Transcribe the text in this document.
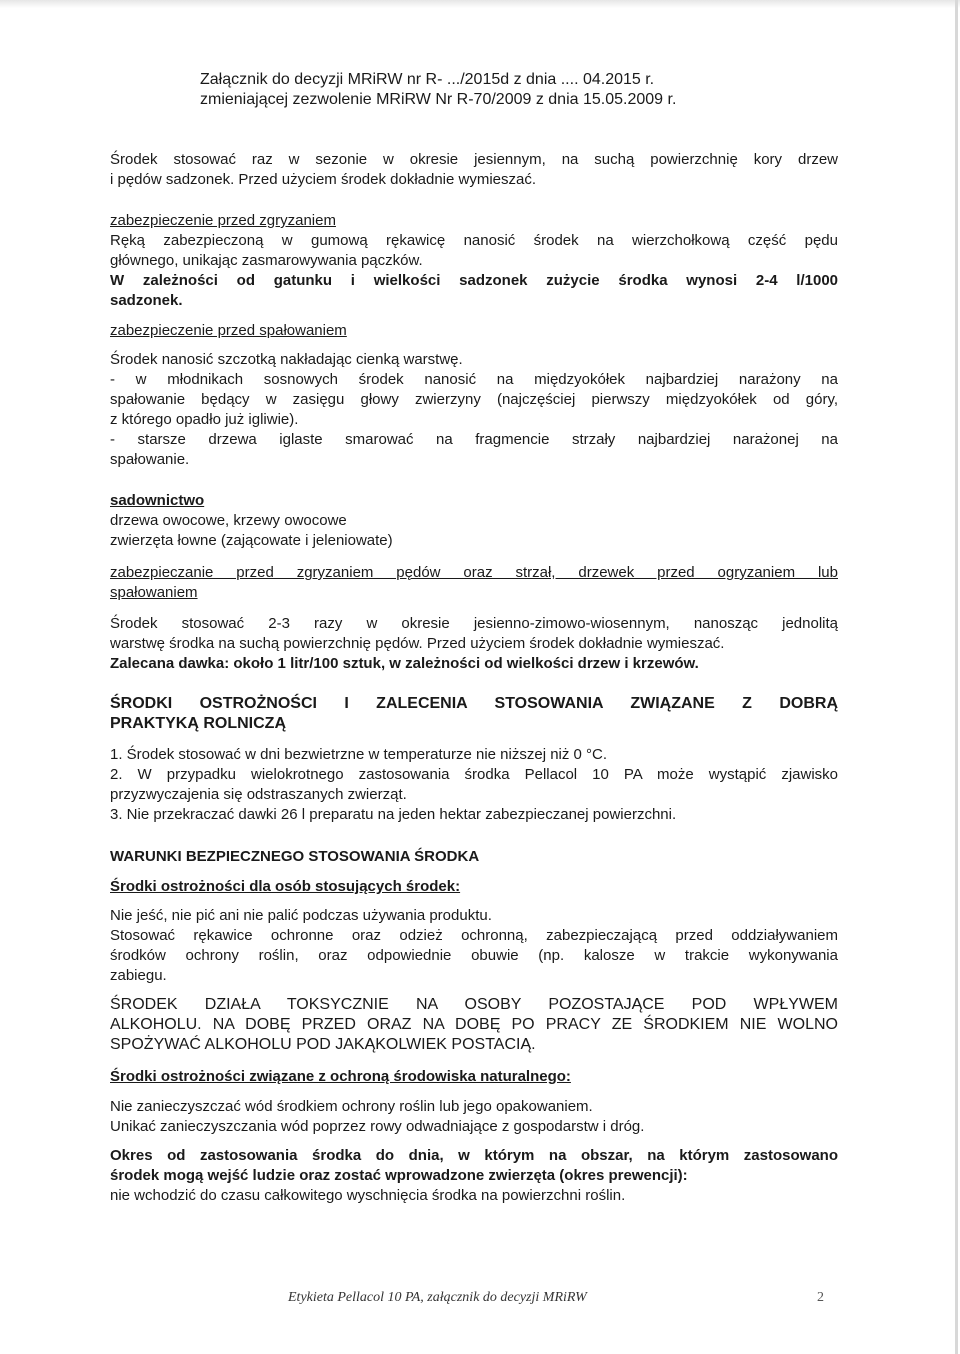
Załącznik do decyzji MRiRW nr R- .../2015d z dnia .... 04.2015 r.
zmieniającej zezwolenie MRiRW Nr R-70/2009 z dnia 15.05.2009 r.
Środek stosować raz w sezonie w okresie jesiennym, na suchą powierzchnię kory drzew
i pędów sadzonek. Przed użyciem środek dokładnie wymieszać.
zabezpieczenie przed zgryzaniem
Ręką zabezpieczoną w gumową rękawicę nanosić środek na wierzchołkową część pędu
głównego, unikając zasmarowywania pączków.
W zależności od gatunku i wielkości sadzonek zużycie środka wynosi 2-4 l/1000
sadzonek.
zabezpieczenie przed spałowaniem
Środek nanosić szczotką nakładając cienką warstwę.
- w młodnikach sosnowych środek nanosić na międzyokółek najbardziej narażony na
spałowanie będący w zasięgu głowy zwierzyny (najczęściej pierwszy międzyokółek od góry,
z którego opadło już igliwie).
- starsze drzewa iglaste smarować na fragmencie strzały najbardziej narażonej na
spałowanie.
sadownictwo
drzewa owocowe, krzewy owocowe
zwierzęta łowne (zającowate i jeleniowate)
zabezpieczanie przed zgryzaniem pędów oraz strzał, drzewek przed ogryzaniem lub
spałowaniem
Środek stosować 2-3 razy w okresie jesienno-zimowo-wiosennym, nanosząc jednolitą
warstwę środka na suchą powierzchnię pędów. Przed użyciem środek dokładnie wymieszać.
Zalecana dawka: około 1 litr/100 sztuk, w zależności od wielkości drzew i krzewów.
ŚRODKI OSTROŻNOŚCI I ZALECENIA STOSOWANIA ZWIĄZANE Z DOBRĄ
PRAKTYKĄ ROLNICZĄ
1. Środek stosować w dni bezwietrzne w temperaturze nie niższej niż 0 °C.
2. W przypadku wielokrotnego zastosowania środka Pellacol 10 PA może wystąpić zjawisko
przyzwyczajenia się odstraszanych zwierząt.
3. Nie przekraczać dawki 26 l preparatu na jeden hektar zabezpieczanej powierzchni.
WARUNKI BEZPIECZNEGO STOSOWANIA ŚRODKA
Środki ostrożności dla osób stosujących środek:
Nie jeść, nie pić ani nie palić podczas używania produktu.
Stosować rękawice ochronne oraz odzież ochronną, zabezpieczającą przed oddziaływaniem
środków ochrony roślin, oraz odpowiednie obuwie (np. kalosze w trakcie wykonywania
zabiegu.
ŚRODEK DZIAŁA TOKSYCZNIE NA OSOBY POZOSTAJĄCE POD WPŁYWEM
ALKOHOLU. NA DOBĘ PRZED ORAZ NA DOBĘ PO PRACY ZE ŚRODKIEM NIE WOLNO
SPOŻYWAĆ ALKOHOLU POD JAKĄKOLWIEK POSTACIĄ.
Środki ostrożności związane z ochroną środowiska naturalnego:
Nie zanieczyszczać wód środkiem ochrony roślin lub jego opakowaniem.
Unikać zanieczyszczania wód poprzez rowy odwadniające z gospodarstw i dróg.
Okres od zastosowania środka do dnia, w którym na obszar, na którym zastosowano
środek mogą wejść ludzie oraz zostać wprowadzone zwierzęta (okres prewencji):
nie wchodzić do czasu całkowitego wyschnięcia środka na powierzchni roślin.
Etykieta Pellacol 10 PA, załącznik do decyzji MRiRW	2
